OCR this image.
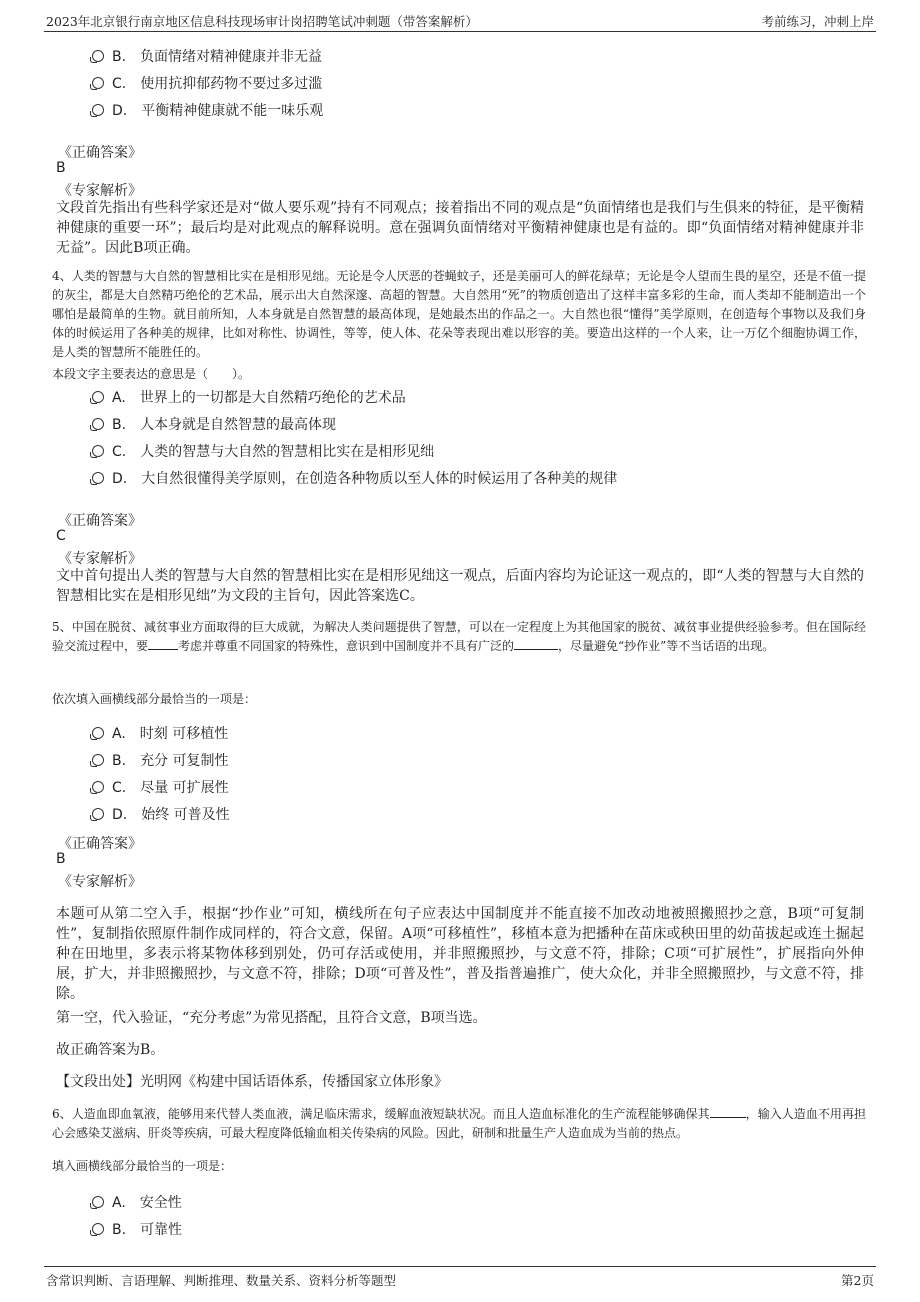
2023年北京银行南京地区信息科技现场审计岗招聘笔试冲刺题（带答案解析）	考前练习，冲刺上岸
B. 负面情绪对精神健康并非无益
C. 使用抗抑郁药物不要过多过滥
D. 平衡精神健康就不能一味乐观
《正确答案》
B
《专家解析》
文段首先指出有些科学家还是对“做人要乐观”持有不同观点；接着指出不同的观点是“负面情绪也是我们与生俱来的特征，是平衡精神健康的重要一环”；最后均是对此观点的解释说明。意在强调负面情绪对平衡精神健康也是有益的。即“负面情绪对精神健康并非无益”。因此B项正确。
4、人类的智慧与大自然的智慧相比实在是相形见绌。无论是令人厌恶的苍蝇蚊子，还是美丽可人的鲜花绿草；无论是令人望而生畏的星空，还是不值一提的灰尘，都是大自然精巧绝伦的艺术品，展示出大自然深邃、高超的智慧。大自然用“死”的物质创造出了这样丰富多彩的生命，而人类却不能制造出一个哪怕是最简单的生物。就目前所知，人本身就是自然智慧的最高体现，是她最杰出的作品之一。大自然也很“懂得”美学原则，在创造每个事物以及我们身体的时候运用了各种美的规律，比如对称性、协调性，等等，使人体、花朵等表现出难以形容的美。要造出这样的一个人来，让一万亿个细胞协调工作，是人类的智慧所不能胜任的。
本段文字主要表达的意思是（　　）。
A. 世界上的一切都是大自然精巧绝伦的艺术品
B. 人本身就是自然智慧的最高体现
C. 人类的智慧与大自然的智慧相比实在是相形见绌
D. 大自然很懂得美学原则，在创造各种物质以至人体的时候运用了各种美的规律
《正确答案》
C
《专家解析》
文中首句提出人类的智慧与大自然的智慧相比实在是相形见绌这一观点，后面内容均为论证这一观点的，即“人类的智慧与大自然的智慧相比实在是相形见绌”为文段的主旨句，因此答案选C。
5、中国在脱贫、减贫事业方面取得的巨大成就，为解决人类问题提供了智慧，可以在一定程度上为其他国家的脱贫、减贫事业提供经验参考。但在国际经验交流过程中，要	考虑并尊重不同国家的特殊性，意识到中国制度并不具有广泛的	，尽量避免“抄作业”等不当话语的出现。
依次填入画横线部分最恰当的一项是：
A. 时刻 可移植性
B. 充分 可复制性
C. 尽量 可扩展性
D. 始终 可普及性
《正确答案》
B
《专家解析》
本题可从第二空入手，根据“抄作业”可知，横线所在句子应表达中国制度并不能直接不加改动地被照搬照抄之意，B项“可复制性”，复制指依照原件制作成同样的，符合文意，保留。A项“可移植性”，移植本意为把播种在苗床或秧田里的幼苗拔起或连土掘起种在田地里，多表示将某物体移到别处，仍可存活或使用，并非照搬照抄，与文意不符，排除；C项“可扩展性”，扩展指向外伸展，扩大，并非照搬照抄，与文意不符，排除；D项“可普及性”，普及指普遍推广，使大众化，并非全照搬照抄，与文意不符，排除。
第一空，代入验证，“充分考虑”为常见搭配，且符合文意，B项当选。
故正确答案为B。
【文段出处】光明网《构建中国话语体系，传播国家立体形象》
6、人造血即血氧液，能够用来代替人类血液，满足临床需求，缓解血液短缺状况。而且人造血标准化的生产流程能够确保其	，输入人造血不用再担心会感染艾滋病、肝炎等疾病，可最大程度降低输血相关传染病的风险。因此，研制和批量生产人造血成为当前的热点。
填入画横线部分最恰当的一项是：
A. 安全性
B. 可靠性
含常识判断、言语理解、判断推理、数量关系、资料分析等题型	第2页
